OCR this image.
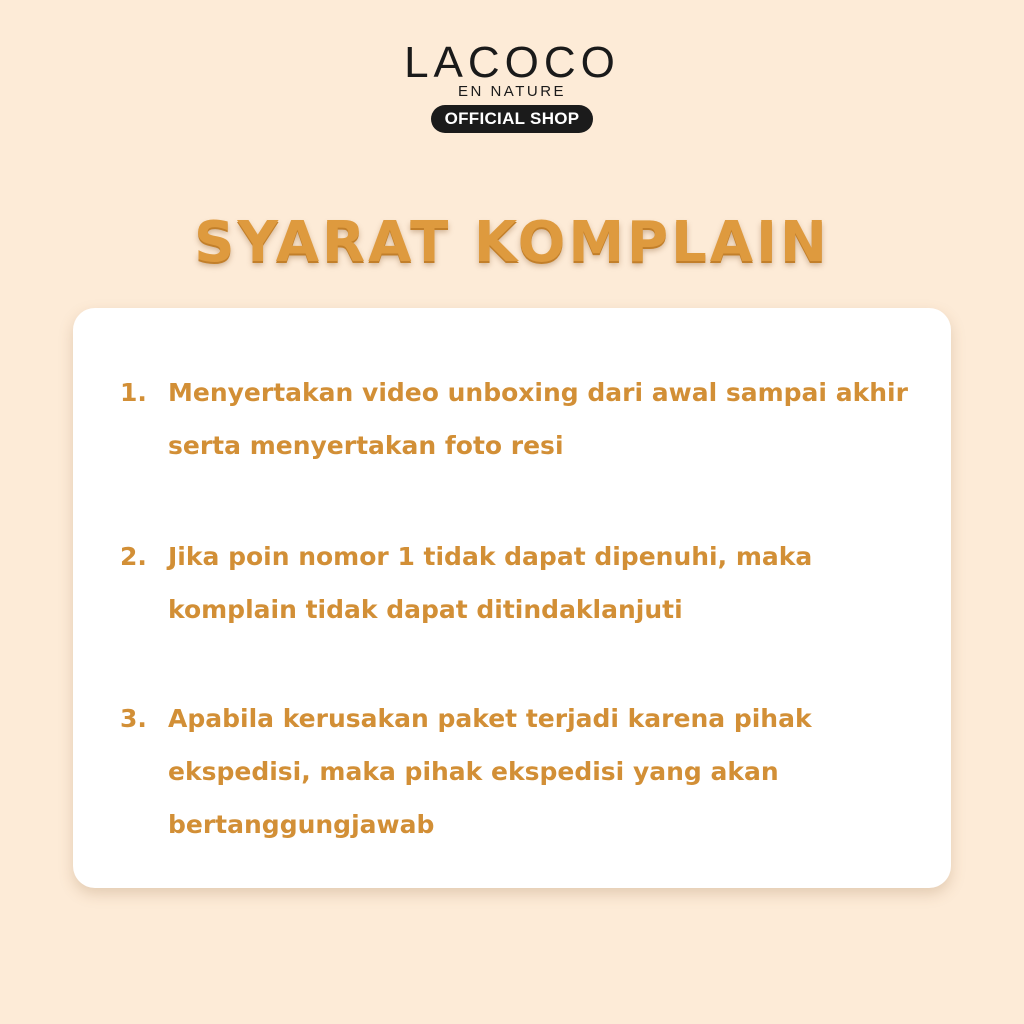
LACOCO
EN NATURE
OFFICIAL SHOP
SYARAT KOMPLAIN
1. Menyertakan video unboxing dari awal sampai akhir serta menyertakan foto resi
2. Jika poin nomor 1 tidak dapat dipenuhi, maka komplain tidak dapat ditindaklanjuti
3. Apabila kerusakan paket terjadi karena pihak ekspedisi, maka pihak ekspedisi yang akan bertanggungjawab
